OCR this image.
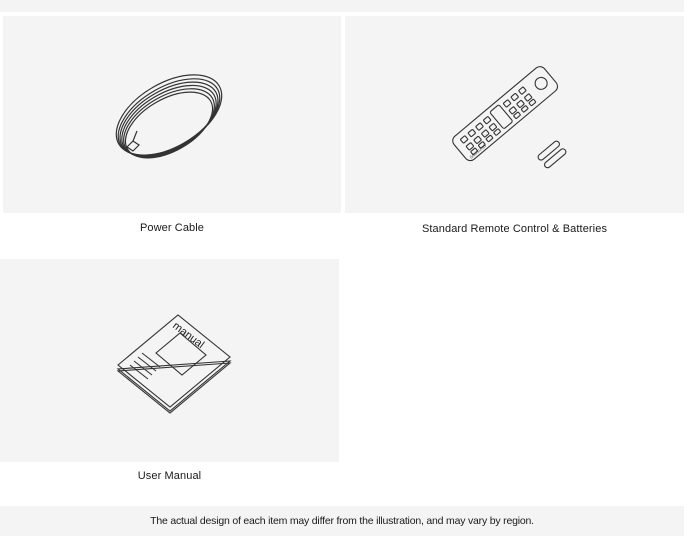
Power Cable
SAMSUNG
Standard Remote Control & Batteries
manual
User Manual
The actual design of each item may differ from the illustration, and may vary by region.
